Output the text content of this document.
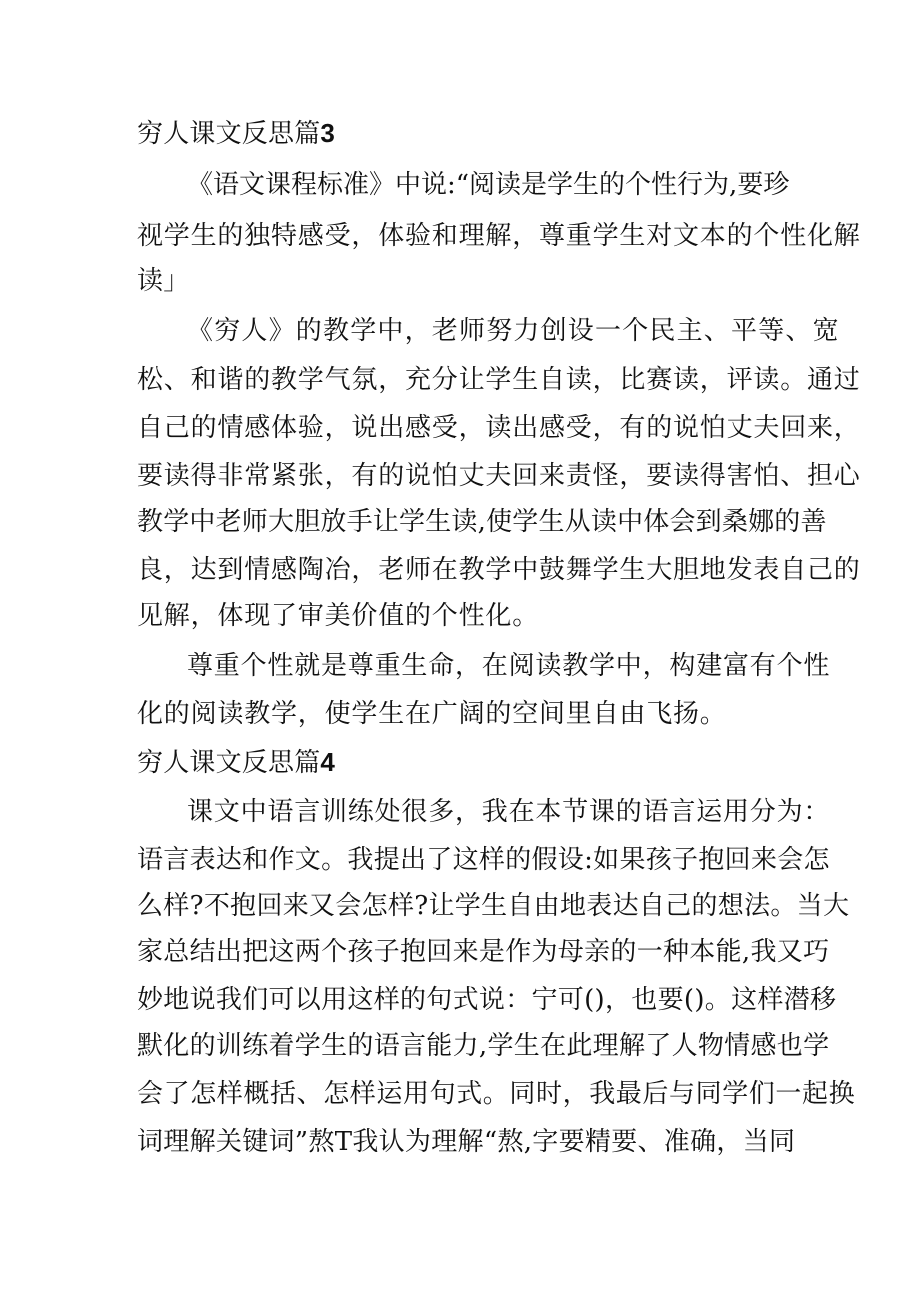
穷人课文反思篇3
《语文课程标准》中说:“阅读是学生的个性行为,要珍
视学生的独特感受，体验和理解，尊重学生对文本的个性化解
读」
《穷人》的教学中，老师努力创设一个民主、平等、宽
松、和谐的教学气氛，充分让学生自读，比赛读，评读。通过
自己的情感体验，说出感受，读出感受，有的说怕丈夫回来，
要读得非常紧张，有的说怕丈夫回来责怪，要读得害怕、担心
教学中老师大胆放手让学生读,使学生从读中体会到桑娜的善
良，达到情感陶冶，老师在教学中鼓舞学生大胆地发表自己的
见解，体现了审美价值的个性化。
尊重个性就是尊重生命，在阅读教学中，构建富有个性
化的阅读教学，使学生在广阔的空间里自由飞扬。
穷人课文反思篇4
课文中语言训练处很多，我在本节课的语言运用分为：
语言表达和作文。我提出了这样的假设:如果孩子抱回来会怎
么样?不抱回来又会怎样?让学生自由地表达自己的想法。当大
家总结出把这两个孩子抱回来是作为母亲的一种本能,我又巧
妙地说我们可以用这样的句式说：宁可()，也要()。这样潜移
默化的训练着学生的语言能力,学生在此理解了人物情感也学
会了怎样概括、怎样运用句式。同时，我最后与同学们一起换
词理解关键词”熬T我认为理解“熬,字要精要、准确，当同
